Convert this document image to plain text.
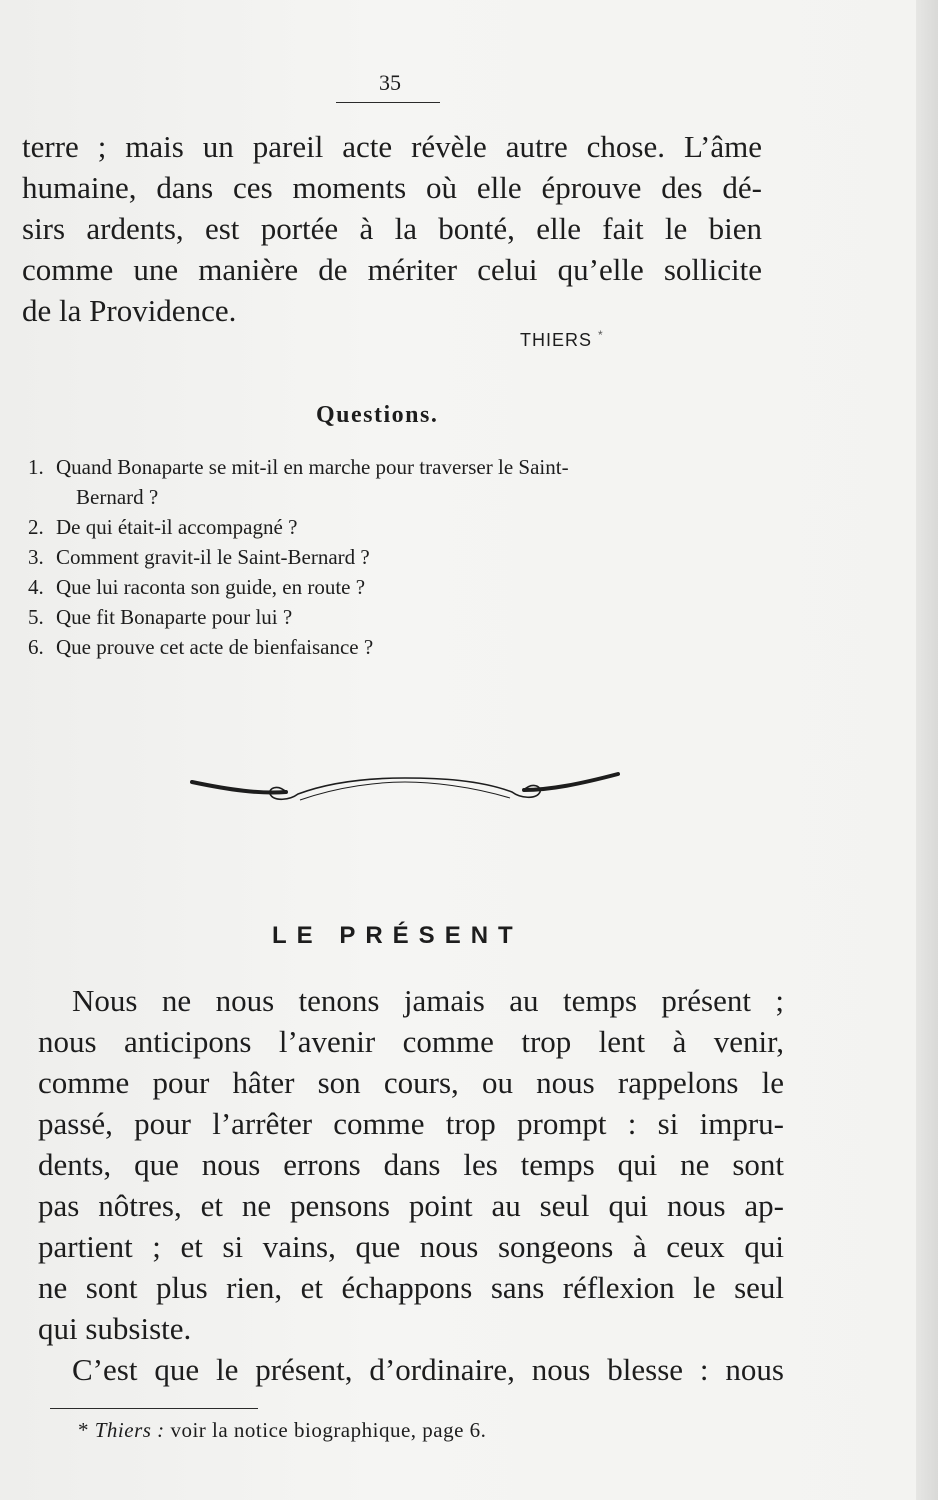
35
terre ; mais un pareil acte révèle autre chose. L’âme
humaine, dans ces moments où elle éprouve des dé-
sirs ardents, est portée à la bonté, elle fait le bien
comme une manière de mériter celui qu’elle sollicite
de la Providence.
THIERS *
Questions.
1. Quand Bonaparte se mit-il en marche pour traverser le Saint-
Bernard ?
2. De qui était-il accompagné ?
3. Comment gravit-il le Saint-Bernard ?
4. Que lui raconta son guide, en route ?
5. Que fit Bonaparte pour lui ?
6. Que prouve cet acte de bienfaisance ?
LE PRÉSENT
Nous ne nous tenons jamais au temps présent ;
nous anticipons l’avenir comme trop lent à venir,
comme pour hâter son cours, ou nous rappelons le
passé, pour l’arrêter comme trop prompt : si impru-
dents, que nous errons dans les temps qui ne sont
pas nôtres, et ne pensons point au seul qui nous ap-
partient ; et si vains, que nous songeons à ceux qui
ne sont plus rien, et échappons sans réflexion le seul
qui subsiste.
C’est que le présent, d’ordinaire, nous blesse : nous
* Thiers : voir la notice biographique, page 6.
